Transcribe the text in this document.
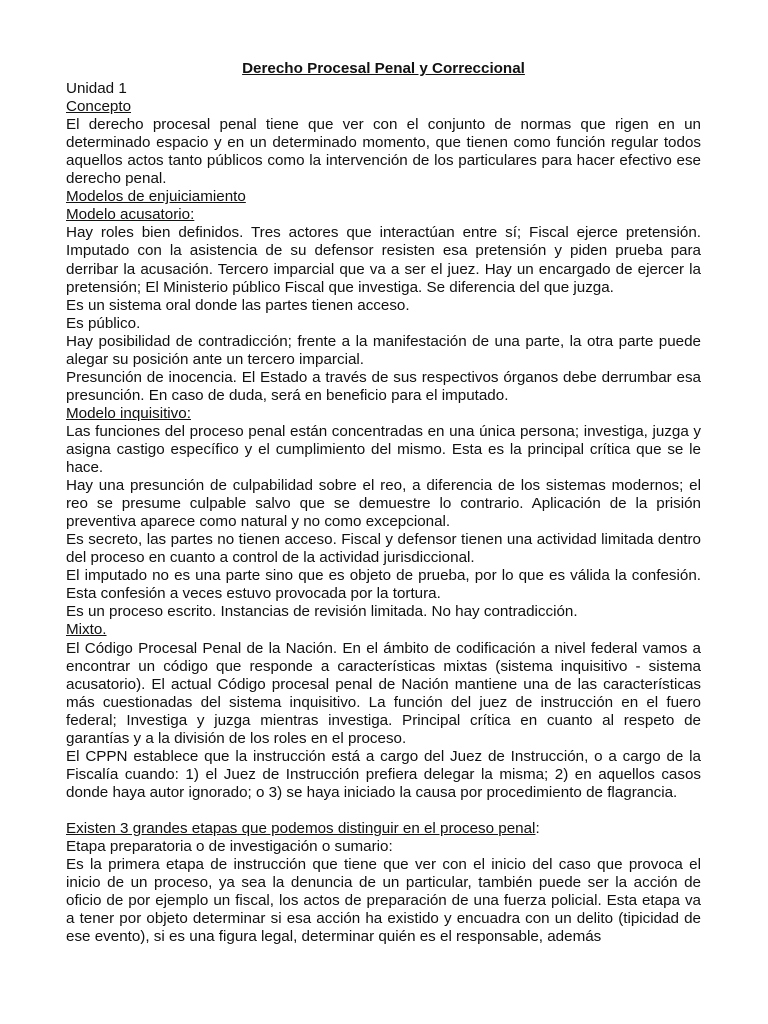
Derecho Procesal Penal y Correccional

Unidad 1

Concepto

El derecho procesal penal tiene que ver con el conjunto de normas que rigen en un determinado espacio y en un determinado momento, que tienen como función regular todos aquellos actos tanto públicos como la intervención de los particulares para hacer efectivo ese derecho penal.

Modelos de enjuiciamiento

Modelo acusatorio:

Hay roles bien definidos. Tres actores que interactúan entre sí; Fiscal ejerce pretensión. Imputado con la asistencia de su defensor resisten esa pretensión y piden prueba para derribar la acusación. Tercero imparcial que va a ser el juez. Hay un encargado de ejercer la pretensión; El Ministerio público Fiscal que investiga. Se diferencia del que juzga.

Es un sistema oral donde las partes tienen acceso.

Es público.

Hay posibilidad de contradicción; frente a la manifestación de una parte, la otra parte puede alegar su posición ante un tercero imparcial.

Presunción de inocencia. El Estado a través de sus respectivos órganos debe derrumbar esa presunción. En caso de duda, será en beneficio para el imputado.

Modelo inquisitivo:

Las funciones del proceso penal están concentradas en una única persona; investiga, juzga y asigna castigo específico y el cumplimiento del mismo. Esta es la principal crítica que se le hace.

Hay una presunción de culpabilidad sobre el reo, a diferencia de los sistemas modernos; el reo se presume culpable salvo que se demuestre lo contrario. Aplicación de la prisión preventiva aparece como natural y no como excepcional.

Es secreto, las partes no tienen acceso. Fiscal y defensor tienen una actividad limitada dentro del proceso en cuanto a control de la actividad jurisdiccional.

El imputado no es una parte sino que es objeto de prueba, por lo que es válida la confesión. Esta confesión a veces estuvo provocada por la tortura.

Es un proceso escrito. Instancias de revisión limitada. No hay contradicción.

Mixto.

El Código Procesal Penal de la Nación. En el ámbito de codificación a nivel federal vamos a encontrar un código que responde a características mixtas (sistema inquisitivo - sistema acusatorio). El actual Código procesal penal de Nación mantiene una de las características más cuestionadas del sistema inquisitivo. La función del juez de instrucción en el fuero federal; Investiga y juzga mientras investiga. Principal crítica en cuanto al respeto de garantías y a la división de los roles en el proceso.

El CPPN establece que la instrucción está a cargo del Juez de Instrucción, o a cargo de la Fiscalía cuando: 1) el Juez de Instrucción prefiera delegar la misma; 2) en aquellos casos donde haya autor ignorado; o 3) se haya iniciado la causa por procedimiento de flagrancia.

Existen 3 grandes etapas que podemos distinguir en el proceso penal:

Etapa preparatoria o de investigación o sumario:

Es la primera etapa de instrucción que tiene que ver con el inicio del caso que provoca el inicio de un proceso, ya sea la denuncia de un particular, también puede ser la acción de oficio de por ejemplo un fiscal, los actos de preparación de una fuerza policial. Esta etapa va a tener por objeto determinar si esa acción ha existido y encuadra con un delito (tipicidad de ese evento), si es una figura legal, determinar quién es el responsable, además
